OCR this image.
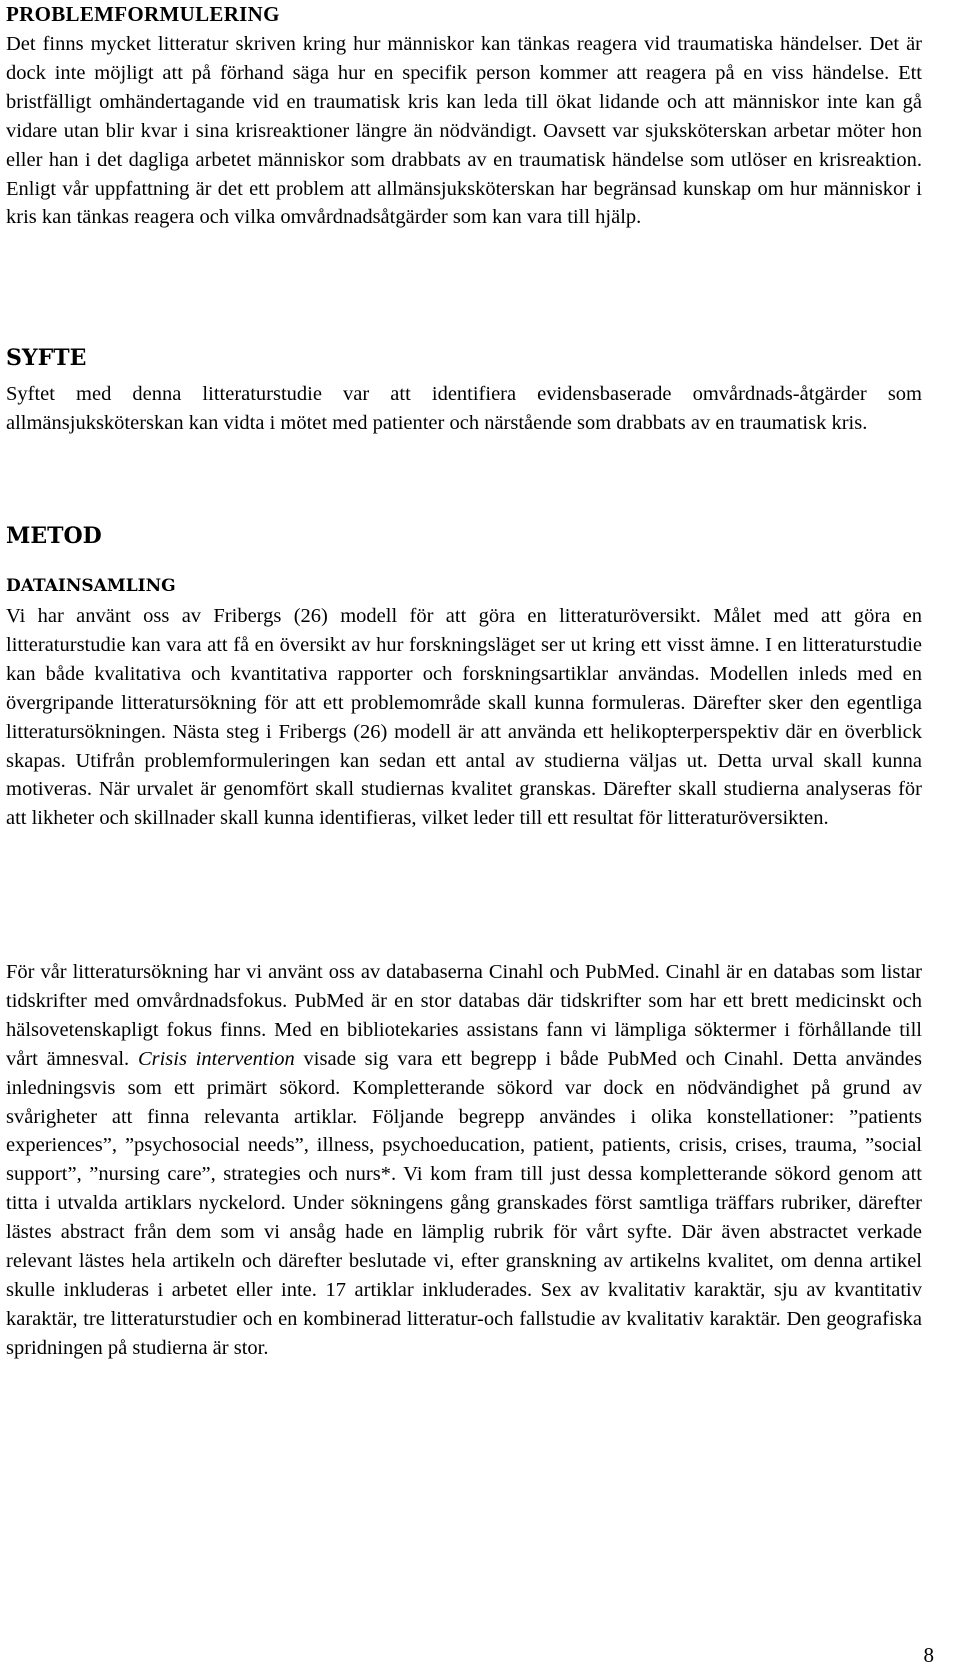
PROBLEMFORMULERING

Det finns mycket litteratur skriven kring hur människor kan tänkas reagera vid traumatiska händelser. Det är dock inte möjligt att på förhand säga hur en specifik person kommer att reagera på en viss händelse. Ett bristfälligt omhändertagande vid en traumatisk kris kan leda till ökat lidande och att människor inte kan gå vidare utan blir kvar i sina krisreaktioner längre än nödvändigt. Oavsett var sjuksköterskan arbetar möter hon eller han i det dagliga arbetet människor som drabbats av en traumatisk händelse som utlöser en krisreaktion. Enligt vår uppfattning är det ett problem att allmänsjuksköterskan har begränsad kunskap om hur människor i kris kan tänkas reagera och vilka omvårdnadsåtgärder som kan vara till hjälp.

SYFTE

Syftet med denna litteraturstudie var att identifiera evidensbaserade omvårdnads-åtgärder som allmänsjuksköterskan kan vidta i mötet med patienter och närstående som drabbats av en traumatisk kris.

METOD
DATAINSAMLING

Vi har använt oss av Fribergs (26) modell för att göra en litteraturöversikt. Målet med att göra en litteraturstudie kan vara att få en översikt av hur forskningsläget ser ut kring ett visst ämne. I en litteraturstudie kan både kvalitativa och kvantitativa rapporter och forskningsartiklar användas. Modellen inleds med en övergripande litteratursökning för att ett problemområde skall kunna formuleras. Därefter sker den egentliga litteratursökningen. Nästa steg i Fribergs (26) modell är att använda ett helikopterperspektiv där en överblick skapas. Utifrån problemformuleringen kan sedan ett antal av studierna väljas ut. Detta urval skall kunna motiveras. När urvalet är genomfört skall studiernas kvalitet granskas. Därefter skall studierna analyseras för att likheter och skillnader skall kunna identifieras, vilket leder till ett resultat för litteraturöversikten.

För vår litteratursökning har vi använt oss av databaserna Cinahl och PubMed. Cinahl är en databas som listar tidskrifter med omvårdnadsfokus. PubMed är en stor databas där tidskrifter som har ett brett medicinskt och hälsovetenskapligt fokus finns. Med en bibliotekaries assistans fann vi lämpliga söktermer i förhållande till vårt ämnesval. Crisis intervention visade sig vara ett begrepp i både PubMed och Cinahl. Detta användes inledningsvis som ett primärt sökord. Kompletterande sökord var dock en nödvändighet på grund av svårigheter att finna relevanta artiklar. Följande begrepp användes i olika konstellationer: ”patients experiences”, ”psychosocial needs”, illness, psychoeducation, patient, patients, crisis, crises, trauma, ”social support”, ”nursing care”, strategies och nurs*. Vi kom fram till just dessa kompletterande sökord genom att titta i utvalda artiklars nyckelord. Under sökningens gång granskades först samtliga träffars rubriker, därefter lästes abstract från dem som vi ansåg hade en lämplig rubrik för vårt syfte. Där även abstractet verkade relevant lästes hela artikeln och därefter beslutade vi, efter granskning av artikelns kvalitet, om denna artikel skulle inkluderas i arbetet eller inte. 17 artiklar inkluderades. Sex av kvalitativ karaktär, sju av kvantitativ karaktär, tre litteraturstudier och en kombinerad litteratur-och fallstudie av kvalitativ karaktär. Den geografiska spridningen på studierna är stor.

8
